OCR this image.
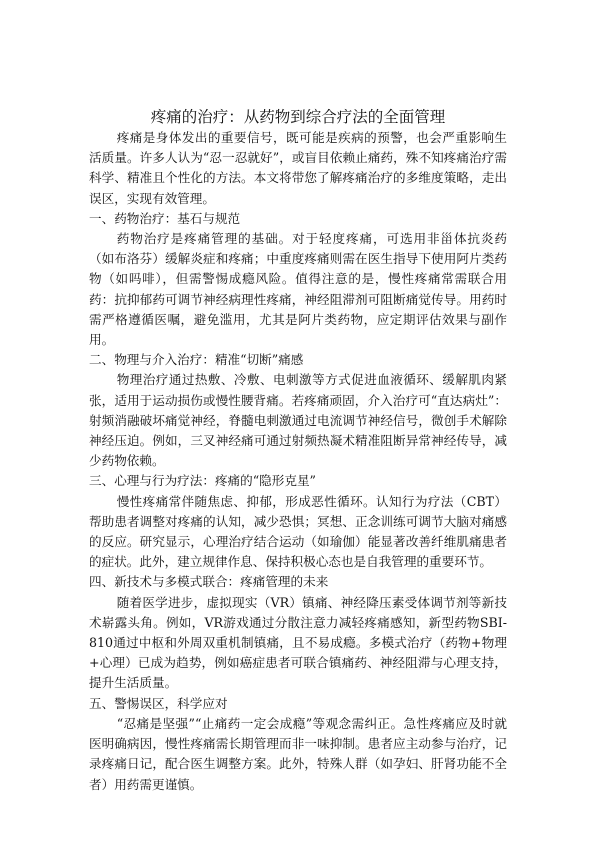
疼痛的治疗：从药物到综合疗法的全面管理

疼痛是身体发出的重要信号，既可能是疾病的预警，也会严重影响生活质量。许多人认为“忍一忍就好”，或盲目依赖止痛药，殊不知疼痛治疗需科学、精准且个性化的方法。本文将带您了解疼痛治疗的多维度策略，走出误区，实现有效管理。

一、药物治疗：基石与规范

药物治疗是疼痛管理的基础。对于轻度疼痛，可选用非甾体抗炎药（如布洛芬）缓解炎症和疼痛；中重度疼痛则需在医生指导下使用阿片类药物（如吗啡），但需警惕成瘾风险。值得注意的是，慢性疼痛常需联合用药：抗抑郁药可调节神经病理性疼痛，神经阻滞剂可阻断痛觉传导。用药时需严格遵循医嘱，避免滥用，尤其是阿片类药物，应定期评估效果与副作用。

二、物理与介入治疗：精准“切断”痛感

物理治疗通过热敷、冷敷、电刺激等方式促进血液循环、缓解肌肉紧张，适用于运动损伤或慢性腰背痛。若疼痛顽固，介入治疗可“直达病灶”：射频消融破坏痛觉神经，脊髓电刺激通过电流调节神经信号，微创手术解除神经压迫。例如，三叉神经痛可通过射频热凝术精准阻断异常神经传导，减少药物依赖。

三、心理与行为疗法：疼痛的“隐形克星”

慢性疼痛常伴随焦虑、抑郁，形成恶性循环。认知行为疗法（CBT）帮助患者调整对疼痛的认知，减少恐惧；冥想、正念训练可调节大脑对痛感的反应。研究显示，心理治疗结合运动（如瑜伽）能显著改善纤维肌痛患者的症状。此外，建立规律作息、保持积极心态也是自我管理的重要环节。

四、新技术与多模式联合：疼痛管理的未来

随着医学进步，虚拟现实（VR）镇痛、神经降压素受体调节剂等新技术崭露头角。例如，VR游戏通过分散注意力减轻疼痛感知，新型药物SBI-810通过中枢和外周双重机制镇痛，且不易成瘾。多模式治疗（药物+物理+心理）已成为趋势，例如癌症患者可联合镇痛药、神经阻滞与心理支持，提升生活质量。

五、警惕误区，科学应对

“忍痛是坚强”“止痛药一定会成瘾”等观念需纠正。急性疼痛应及时就医明确病因，慢性疼痛需长期管理而非一味抑制。患者应主动参与治疗，记录疼痛日记，配合医生调整方案。此外，特殊人群（如孕妇、肝肾功能不全者）用药需更谨慎。
